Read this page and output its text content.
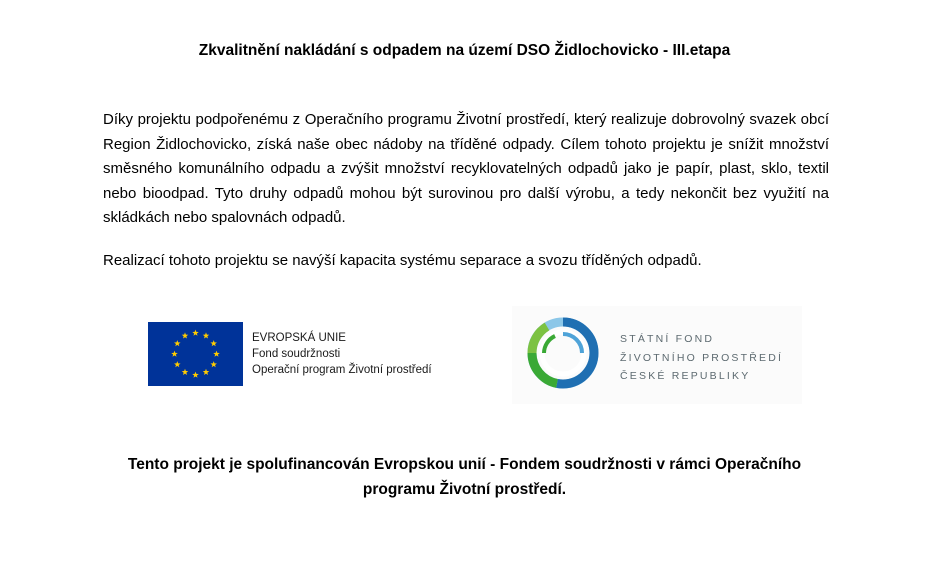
Zkvalitnění nakládání s odpadem na území DSO Židlochovicko - III.etapa

Díky projektu podpořenému z Operačního programu Životní prostředí, který realizuje dobrovolný svazek obcí Region Židlochovicko, získá naše obec nádoby na tříděné odpady. Cílem tohoto projektu je snížit množství směsného komunálního odpadu a zvýšit množství recyklovatelných odpadů jako je papír, plast, sklo, textil nebo bioodpad. Tyto druhy odpadů mohou být surovinou pro další výrobu, a tedy nekončit bez využití na skládkách nebo spalovnách odpadů.

Realizací tohoto projektu se navýší kapacita systému separace a svozu tříděných odpadů.

EVROPSKÁ UNIE
Fond soudržnosti
Operační program Životní prostředí
STÁTNÍ FOND
ŽIVOTNÍHO PROSTŘEDÍ
ČESKÉ REPUBLIKY

Tento projekt je spolufinancován Evropskou unií - Fondem soudržnosti v rámci Operačního
programu Životní prostředí.
